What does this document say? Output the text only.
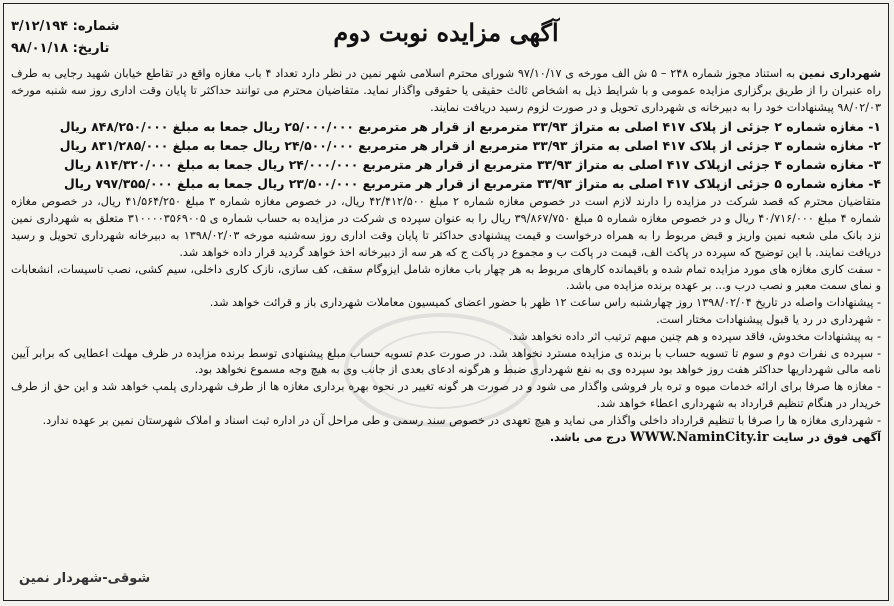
شماره: ۳/۱۲/۱۹۴
تاریخ: ۹۸/۰۱/۱۸
آگهی مزایده نوبت دوم

شهرداری نمین به استناد مجوز شماره ۲۴۸ – ۵ ش الف مورخه ی ۹۷/۱۰/۱۷ شورای محترم اسلامی شهر نمین در نظر دارد تعداد ۴ باب مغازه واقع در تقاطع خیابان شهید رجایی به طرف راه عنبران را از طریق برگزاری مزایده عمومی و با شرایط ذیل به اشخاص ثالث حقیقی یا حقوقی واگذار نماید. متقاضیان محترم می توانند حداکثر تا پایان وقت اداری روز سه شنبه مورخه ۹۸/۰۲/۰۳ پیشنهادات خود را به دبیرخانه ی شهرداری تحویل و در صورت لزوم رسید دریافت نمایند.

۱- مغازه شماره ۲ جزئی از پلاک ۴۱۷ اصلی به متراژ ۳۳/۹۳ مترمربع از قرار هر مترمربع ۲۵/۰۰۰/۰۰۰ ریال جمعا به مبلغ ۸۴۸/۲۵۰/۰۰۰ ریال
۲- مغازه شماره ۳ جزئی از پلاک ۴۱۷ اصلی به متراژ ۳۳/۹۳ مترمربع از قرار هر مترمربع ۲۴/۵۰۰/۰۰۰ ریال جمعا به مبلغ ۸۳۱/۲۸۵/۰۰۰ ریال
۳- مغازه شماره ۴ جزئی ازپلاک ۴۱۷ اصلی به متراژ ۳۳/۹۳ مترمربع از قرار هر مترمربع ۲۴/۰۰۰/۰۰۰ ریال جمعا به مبلغ ۸۱۴/۳۲۰/۰۰۰ ریال
۴- مغازه شماره ۵ جزئی ازپلاک ۴۱۷ اصلی به متراژ ۳۳/۹۳ مترمربع از قرار هر مترمربع ۲۳/۵۰۰/۰۰۰ ریال جمعا به مبلغ ۷۹۷/۳۵۵/۰۰۰ ریال

متقاضیان محترم که قصد شرکت در مزایده را دارند لازم است در خصوص مغازه شماره ۲ مبلغ ۴۲/۴۱۲/۵۰۰ ریال، در خصوص مغازه شماره ۳ مبلغ ۴۱/۵۶۴/۲۵۰ ریال، در خصوص مغازه شماره ۴ مبلغ ۴۰/۷۱۶/۰۰۰ ریال و در خصوص مغازه شماره ۵ مبلغ ۳۹/۸۶۷/۷۵۰ ریال را به عنوان سپرده ی شرکت در مزایده به حساب شماره ی ۳۱۰۰۰۰۳۵۶۹۰۰۵ متعلق به شهرداری نمین نزد بانک ملی شعبه نمین واریز و قبض مربوط را به همراه درخواست و قیمت پیشنهادی حداکثر تا پایان وقت اداری روز سه‌شنبه مورخه ۱۳۹۸/۰۲/۰۳ به دبیرخانه شهرداری تحویل و رسید دریافت نمایند. با این توضیح که سپرده در پاکت الف، قیمت در پاکت ب و مجموع در پاکت ج که هر سه از دبیرخانه اخذ خواهد گردید قرار داده خواهد شد.

- سفت کاری مغازه های مورد مزایده تمام شده و باقیمانده کارهای مربوط به هر چهار باب مغازه شامل ایزوگام سقف، کف سازی، نازک کاری داخلی، سیم کشی، نصب تاسیسات، انشعابات و نمای سمت معبر و نصب درب و... بر عهده برنده مزایده می باشد.

- پیشنهادات واصله در تاریخ ۱۳۹۸/۰۲/۰۴ روز چهارشنبه راس ساعت ۱۲ ظهر با حضور اعضای کمیسیون معاملات شهرداری باز و قرائت خواهد شد.

- شهرداری در رد یا قبول پیشنهادات مختار است.

- به پیشنهادات مخدوش، فاقد سپرده و هم چنین مبهم ترتیب اثر داده نخواهد شد.

- سپرده ی نفرات دوم و سوم تا تسویه حساب با برنده ی مزایده مسترد نخواهد شد. در صورت عدم تسویه حساب مبلغ پیشنهادی توسط برنده مزایده در ظرف مهلت اعطایی که برابر آیین نامه مالی شهرداریها حداکثر هفت روز خواهد بود سپرده وی به نفع شهرداری ضبط و هرگونه ادعای بعدی از جانب وی به هیچ وجه مسموع نخواهد بود.

- مغازه ها صرفا برای ارائه خدمات میوه و تره بار فروشی واگذار می شود و در صورت هر گونه تغییر در نحوه بهره برداری مغازه ها از طرف شهرداری پلمپ خواهد شد و این حق از طرف خریدار در هنگام تنظیم قرارداد به شهرداری اعطاء خواهد شد.

- شهرداری مغازه ها را صرفا با تنظیم قرارداد داخلی واگذار می نماید و هیچ تعهدی در خصوص سند رسمی و طی مراحل آن در اداره ثبت اسناد و املاک شهرستان نمین بر عهده ندارد.

آگهی فوق در سایت WWW.NaminCity.ir درج می باشد.

شوقی-شهردار نمین
